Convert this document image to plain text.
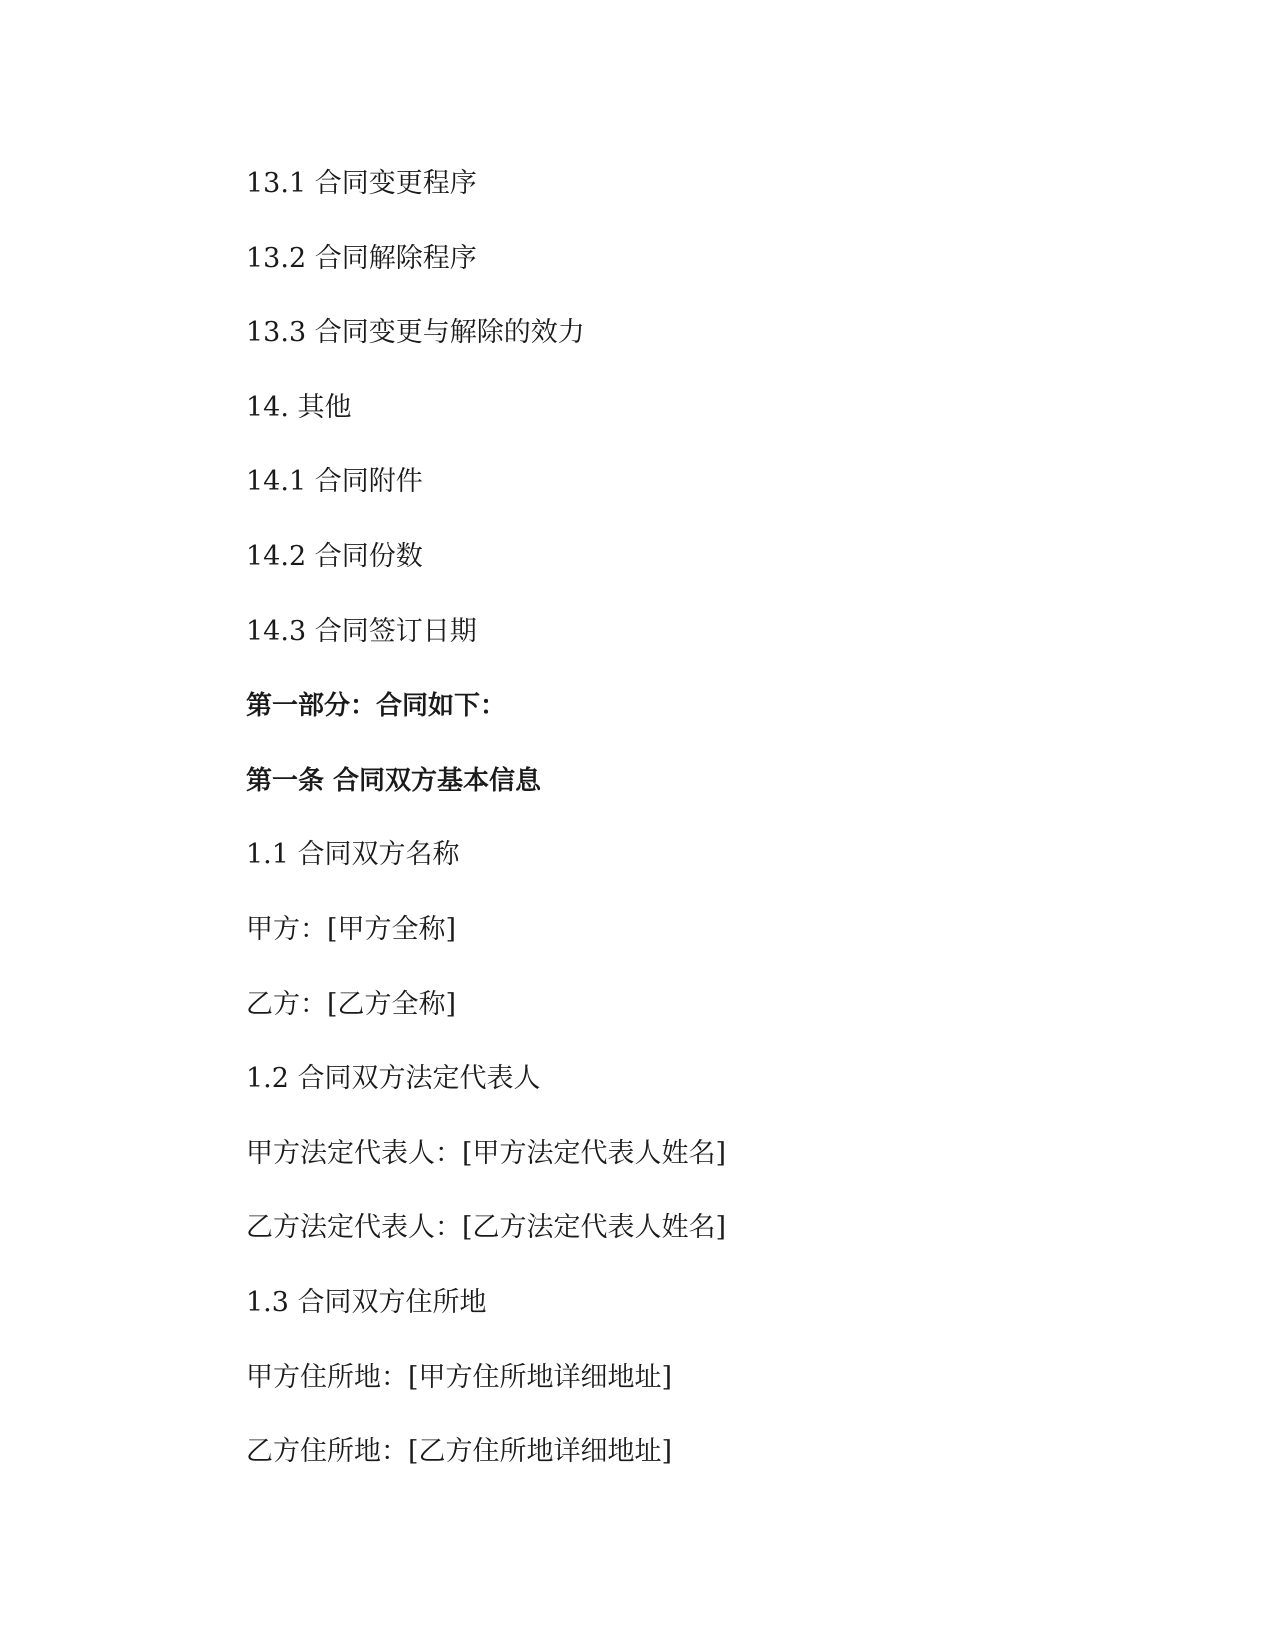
13.1 合同变更程序

13.2 合同解除程序

13.3 合同变更与解除的效力

14. 其他

14.1 合同附件

14.2 合同份数

14.3 合同签订日期

第一部分：合同如下：

第一条 合同双方基本信息

1.1 合同双方名称

甲方：[甲方全称]

乙方：[乙方全称]

1.2 合同双方法定代表人

甲方法定代表人：[甲方法定代表人姓名]

乙方法定代表人：[乙方法定代表人姓名]

1.3 合同双方住所地

甲方住所地：[甲方住所地详细地址]

乙方住所地：[乙方住所地详细地址]
